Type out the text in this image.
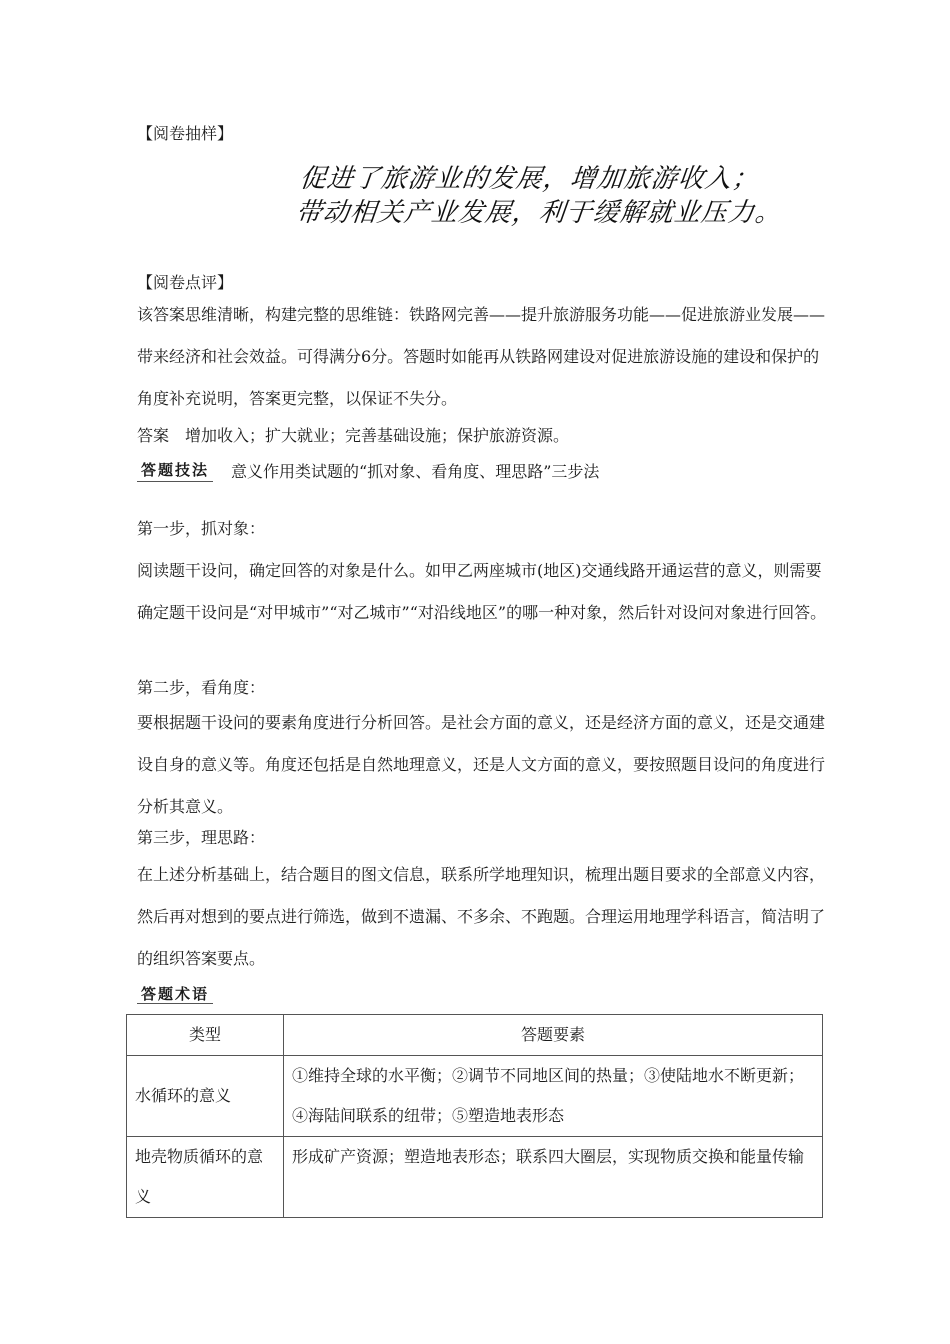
【阅卷抽样】
促进了旅游业的发展，增加旅游收入；
带动相关产业发展，利于缓解就业压力。
【阅卷点评】
该答案思维清晰，构建完整的思维链：铁路网完善——提升旅游服务功能——促进旅游业发展——带来经济和社会效益。可得满分6分。答题时如能再从铁路网建设对促进旅游设施的建设和保护的角度补充说明，答案更完整，以保证不失分。
答案　增加收入；扩大就业；完善基础设施；保护旅游资源。
答题技法 意义作用类试题的“抓对象、看角度、理思路”三步法
第一步，抓对象：
阅读题干设问，确定回答的对象是什么。如甲乙两座城市(地区)交通线路开通运营的意义，则需要确定题干设问是“对甲城市”“对乙城市”“对沿线地区”的哪一种对象，然后针对设问对象进行回答。
第二步，看角度：
要根据题干设问的要素角度进行分析回答。是社会方面的意义，还是经济方面的意义，还是交通建设自身的意义等。角度还包括是自然地理意义，还是人文方面的意义，要按照题目设问的角度进行分析其意义。
第三步，理思路：
在上述分析基础上，结合题目的图文信息，联系所学地理知识，梳理出题目要求的全部意义内容，然后再对想到的要点进行筛选，做到不遗漏、不多余、不跑题。合理运用地理学科语言，简洁明了的组织答案要点。
答题术语
类型	答题要素
水循环的意义	①维持全球的水平衡；②调节不同地区间的热量；③使陆地水不断更新；④海陆间联系的纽带；⑤塑造地表形态
地壳物质循环的意义	形成矿产资源；塑造地表形态；联系四大圈层，实现物质交换和能量传输
